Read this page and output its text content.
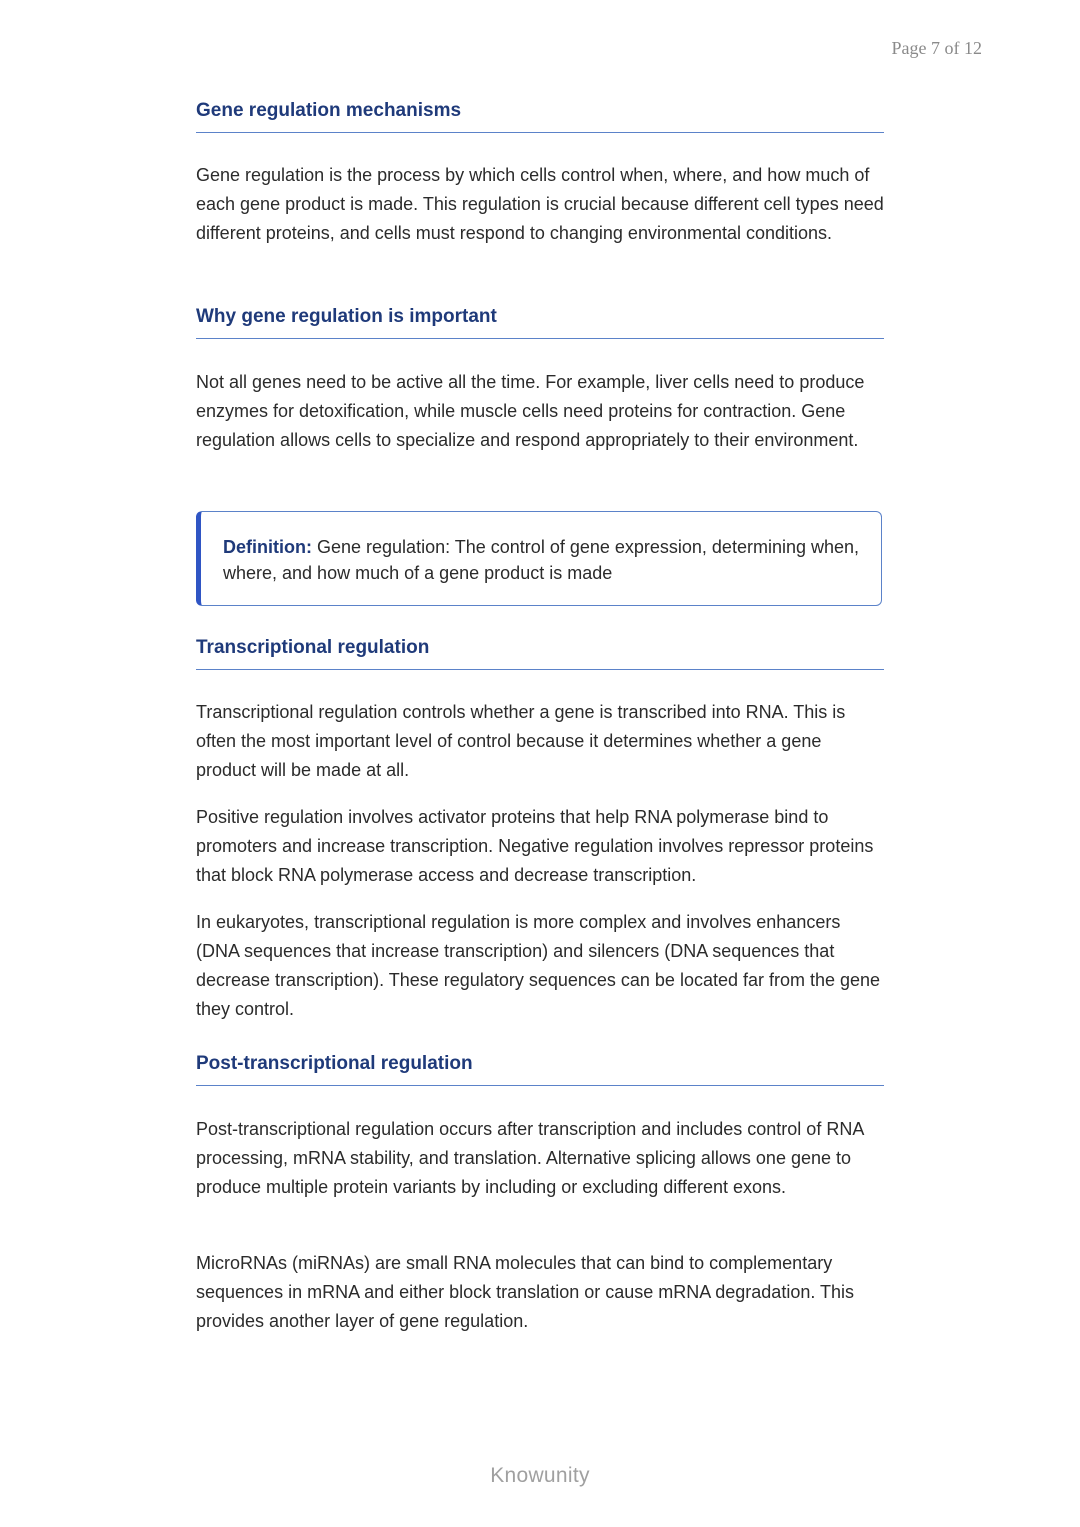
Page 7 of 12
Gene regulation mechanisms

Gene regulation is the process by which cells control when, where, and how much of each gene product is made. This regulation is crucial because different cell types need different proteins, and cells must respond to changing environmental conditions.

Why gene regulation is important

Not all genes need to be active all the time. For example, liver cells need to produce enzymes for detoxification, while muscle cells need proteins for contraction. Gene regulation allows cells to specialize and respond appropriately to their environment.

Definition: Gene regulation: The control of gene expression, determining when, where, and how much of a gene product is made
Transcriptional regulation

Transcriptional regulation controls whether a gene is transcribed into RNA. This is often the most important level of control because it determines whether a gene product will be made at all.

Positive regulation involves activator proteins that help RNA polymerase bind to promoters and increase transcription. Negative regulation involves repressor proteins that block RNA polymerase access and decrease transcription.

In eukaryotes, transcriptional regulation is more complex and involves enhancers (DNA sequences that increase transcription) and silencers (DNA sequences that decrease transcription). These regulatory sequences can be located far from the gene they control.

Post-transcriptional regulation

Post-transcriptional regulation occurs after transcription and includes control of RNA processing, mRNA stability, and translation. Alternative splicing allows one gene to produce multiple protein variants by including or excluding different exons.

MicroRNAs (miRNAs) are small RNA molecules that can bind to complementary sequences in mRNA and either block translation or cause mRNA degradation. This provides another layer of gene regulation.

Knowunity
